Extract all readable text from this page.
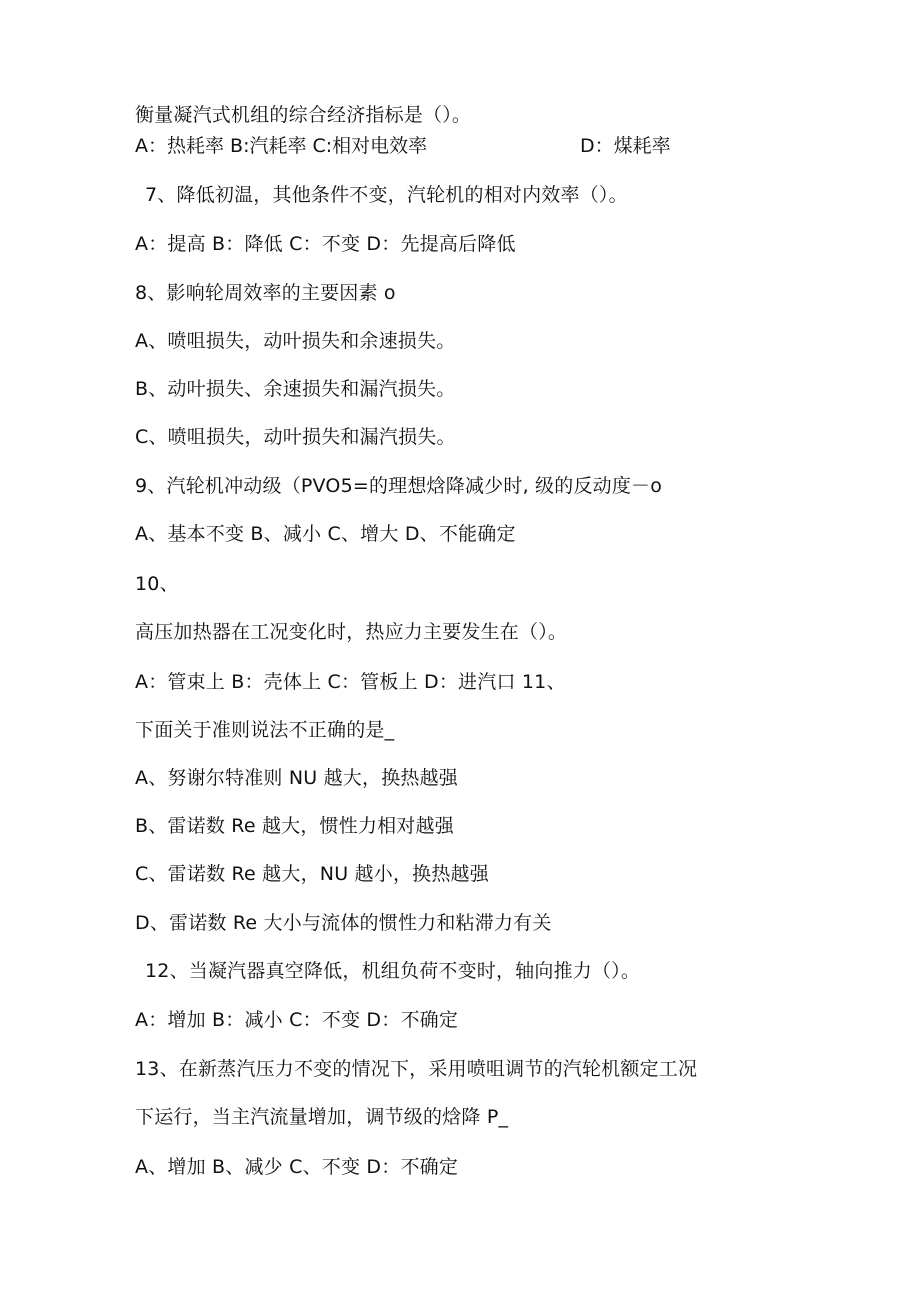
衡量凝汽式机组的综合经济指标是（）。
A：热耗率 B:汽耗率 C:相对电效率	D：煤耗率
7、降低初温，其他条件不变，汽轮机的相对内效率（）。
A：提高 B：降低 C：不变 D：先提高后降低
8、影响轮周效率的主要因素 o
A、喷咀损失，动叶损失和余速损失。
B、动叶损失、余速损失和漏汽损失。
C、喷咀损失，动叶损失和漏汽损失。
9、汽轮机冲动级（PVO5=的理想焓降减少时, 级的反动度－o
A、基本不变 B、减小 C、增大 D、不能确定
10、
高压加热器在工况变化时，热应力主要发生在（）。
A：管束上 B：壳体上 C：管板上 D：进汽口 11、
下面关于准则说法不正确的是_
A、努谢尔特准则 NU 越大，换热越强
B、雷诺数 Re 越大，惯性力相对越强
C、雷诺数 Re 越大，NU 越小，换热越强
D、雷诺数 Re 大小与流体的惯性力和粘滞力有关
12、当凝汽器真空降低，机组负荷不变时，轴向推力（）。
A：增加 B：减小 C：不变 D：不确定
13、在新蒸汽压力不变的情况下，采用喷咀调节的汽轮机额定工况
下运行，当主汽流量增加，调节级的焓降 P_
A、增加 B、减少 C、不变 D：不确定
